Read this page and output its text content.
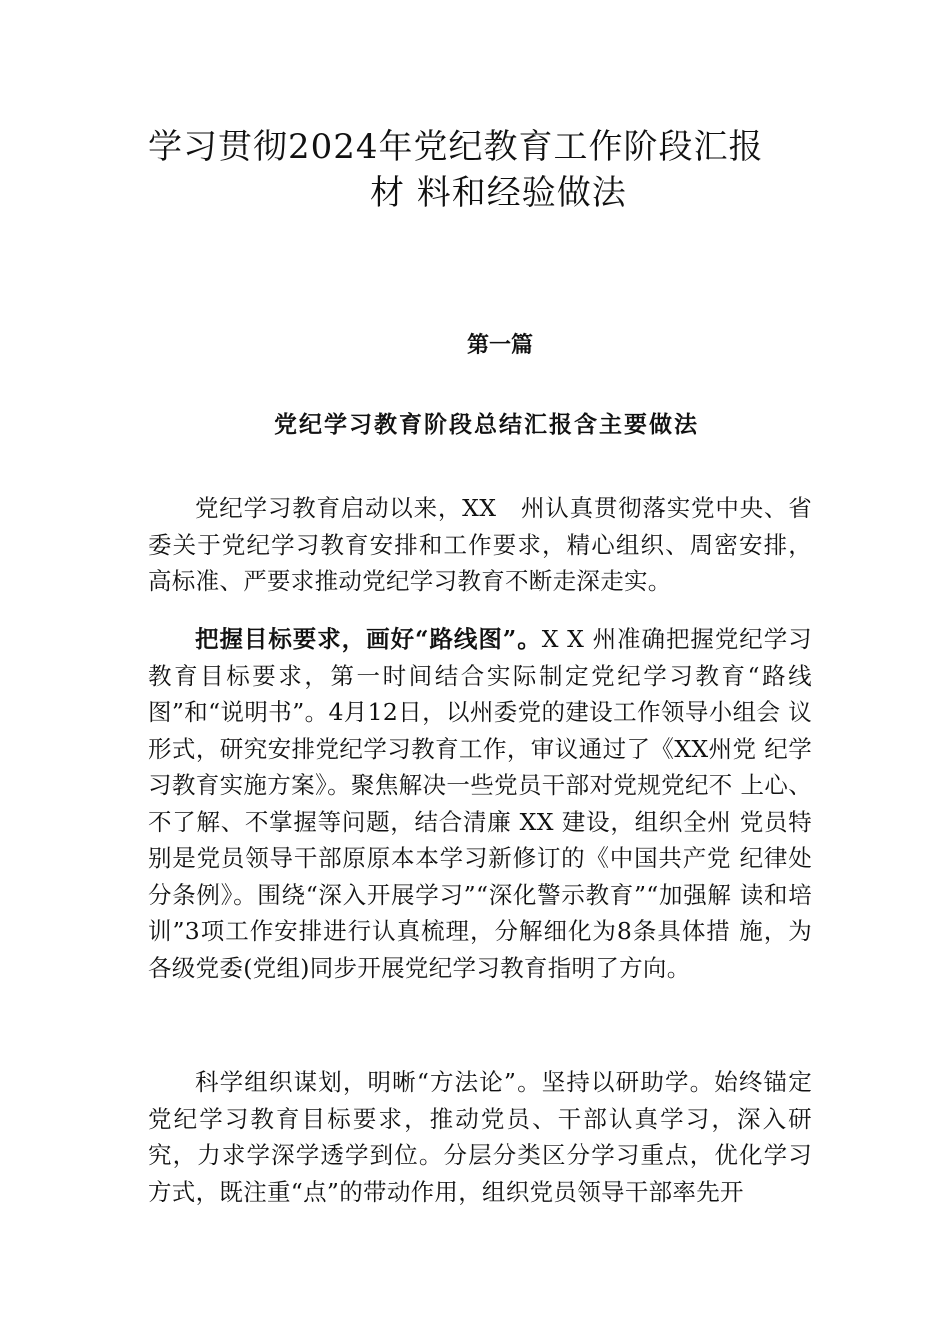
学习贯彻2024年党纪教育工作阶段汇报
材 料和经验做法
第一篇
党纪学习教育阶段总结汇报含主要做法

党纪学习教育启动以来，XX　州认真贯彻落实党中央、省委关于党纪学习教育安排和工作要求，精心组织、周密安排，高标准、严要求推动党纪学习教育不断走深走实。

把握目标要求，画好“路线图”。X X 州准确把握党纪学习教育目标要求，第一时间结合实际制定党纪学习教育“路线图”和“说明书”。4月12日，以州委党的建设工作领导小组会 议形式，研究安排党纪学习教育工作，审议通过了《XX州党 纪学习教育实施方案》。聚焦解决一些党员干部对党规党纪不 上心、不了解、不掌握等问题，结合清廉 XX 建设，组织全州 党员特别是党员领导干部原原本本学习新修订的《中国共产党 纪律处分条例》。围绕“深入开展学习”“深化警示教育”“加强解 读和培训”3项工作安排进行认真梳理，分解细化为8条具体措 施，为各级党委(党组)同步开展党纪学习教育指明了方向。

科学组织谋划，明晰“方法论”。坚持以研助学。始终锚定党纪学习教育目标要求，推动党员、干部认真学习，深入研究，力求学深学透学到位。分层分类区分学习重点，优化学习方式，既注重“点”的带动作用，组织党员领导干部率先开
